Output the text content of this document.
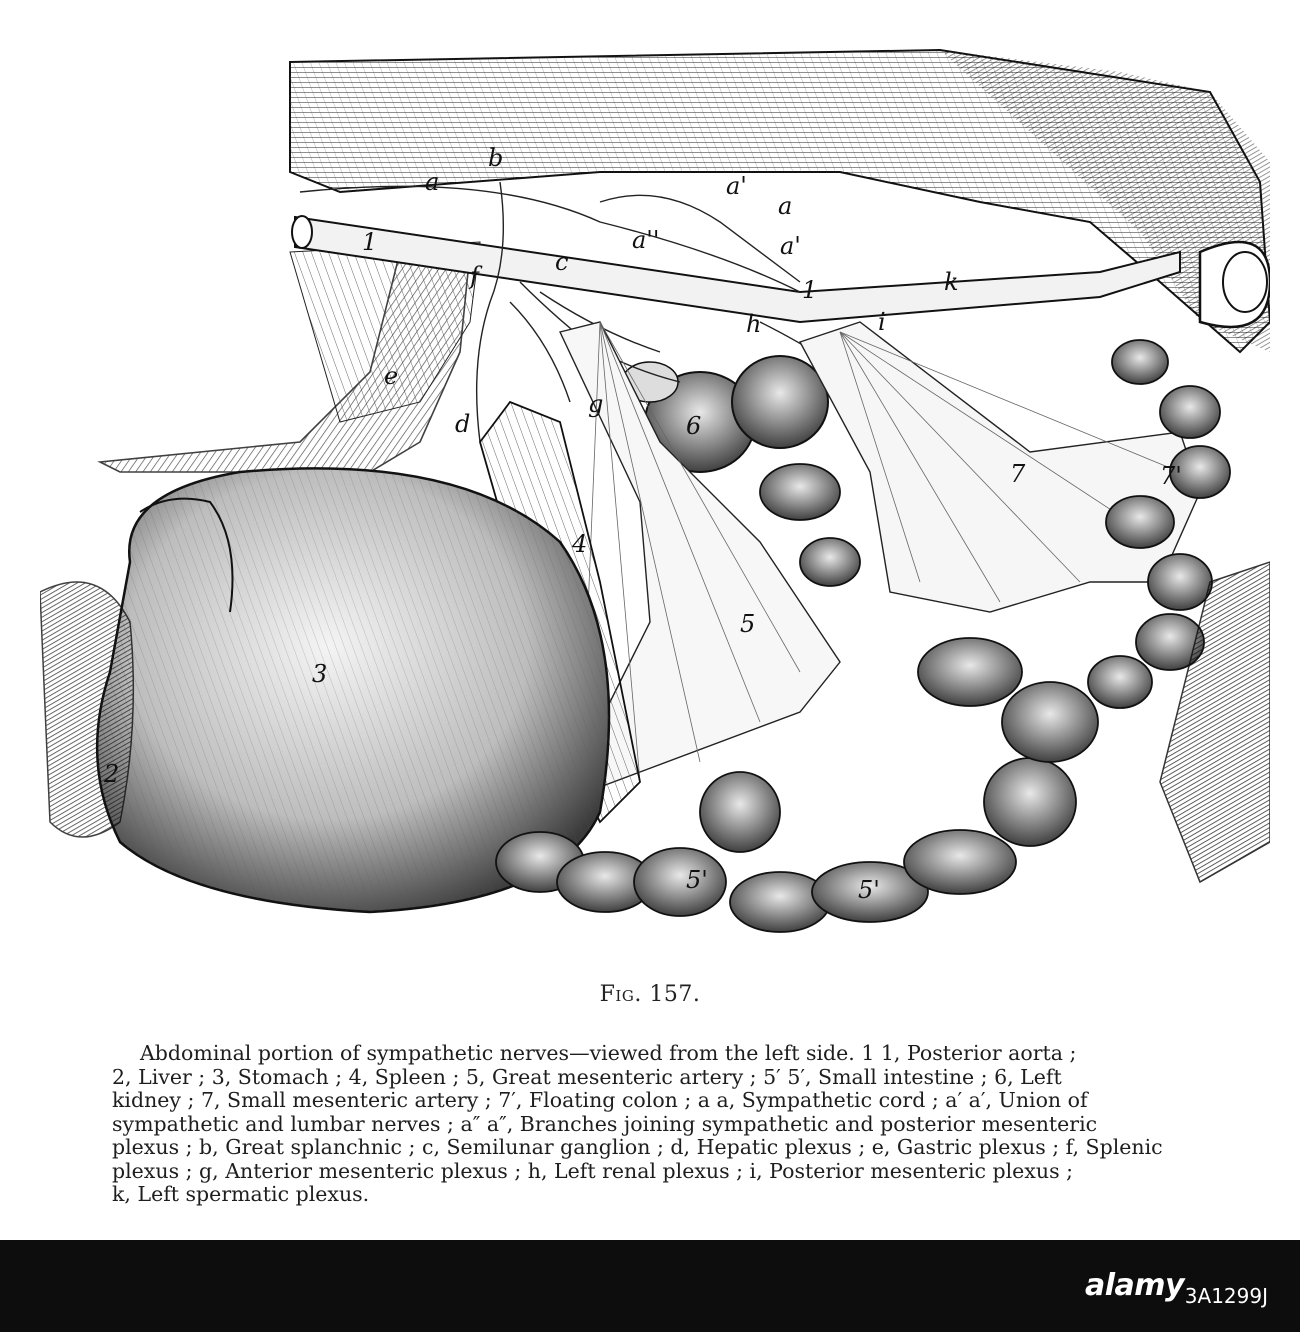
1
1
2
3
4
5
5'	5'
6
7	7'
a
a
a'
a'
a''
b
c
d
e
f
g
h	i
k
Fig. 157.
Abdominal portion of sympathetic nerves—viewed from the left side. 1 1, Posterior aorta ;
2, Liver ; 3, Stomach ; 4, Spleen ; 5, Great mesenteric artery ; 5′ 5′, Small intestine ; 6, Left
kidney ; 7, Small mesenteric artery ; 7′, Floating colon ; a a, Sympathetic cord ; a′ a′, Union of
sympathetic and lumbar nerves ; a″ a″, Branches joining sympathetic and posterior mesenteric
plexus ; b, Great splanchnic ; c, Semilunar ganglion ; d, Hepatic plexus ; e, Gastric plexus ; f, Splenic
plexus ; g, Anterior mesenteric plexus ; h, Left renal plexus ; i, Posterior mesenteric plexus ;
k, Left spermatic plexus.
alamy 3A1299J
